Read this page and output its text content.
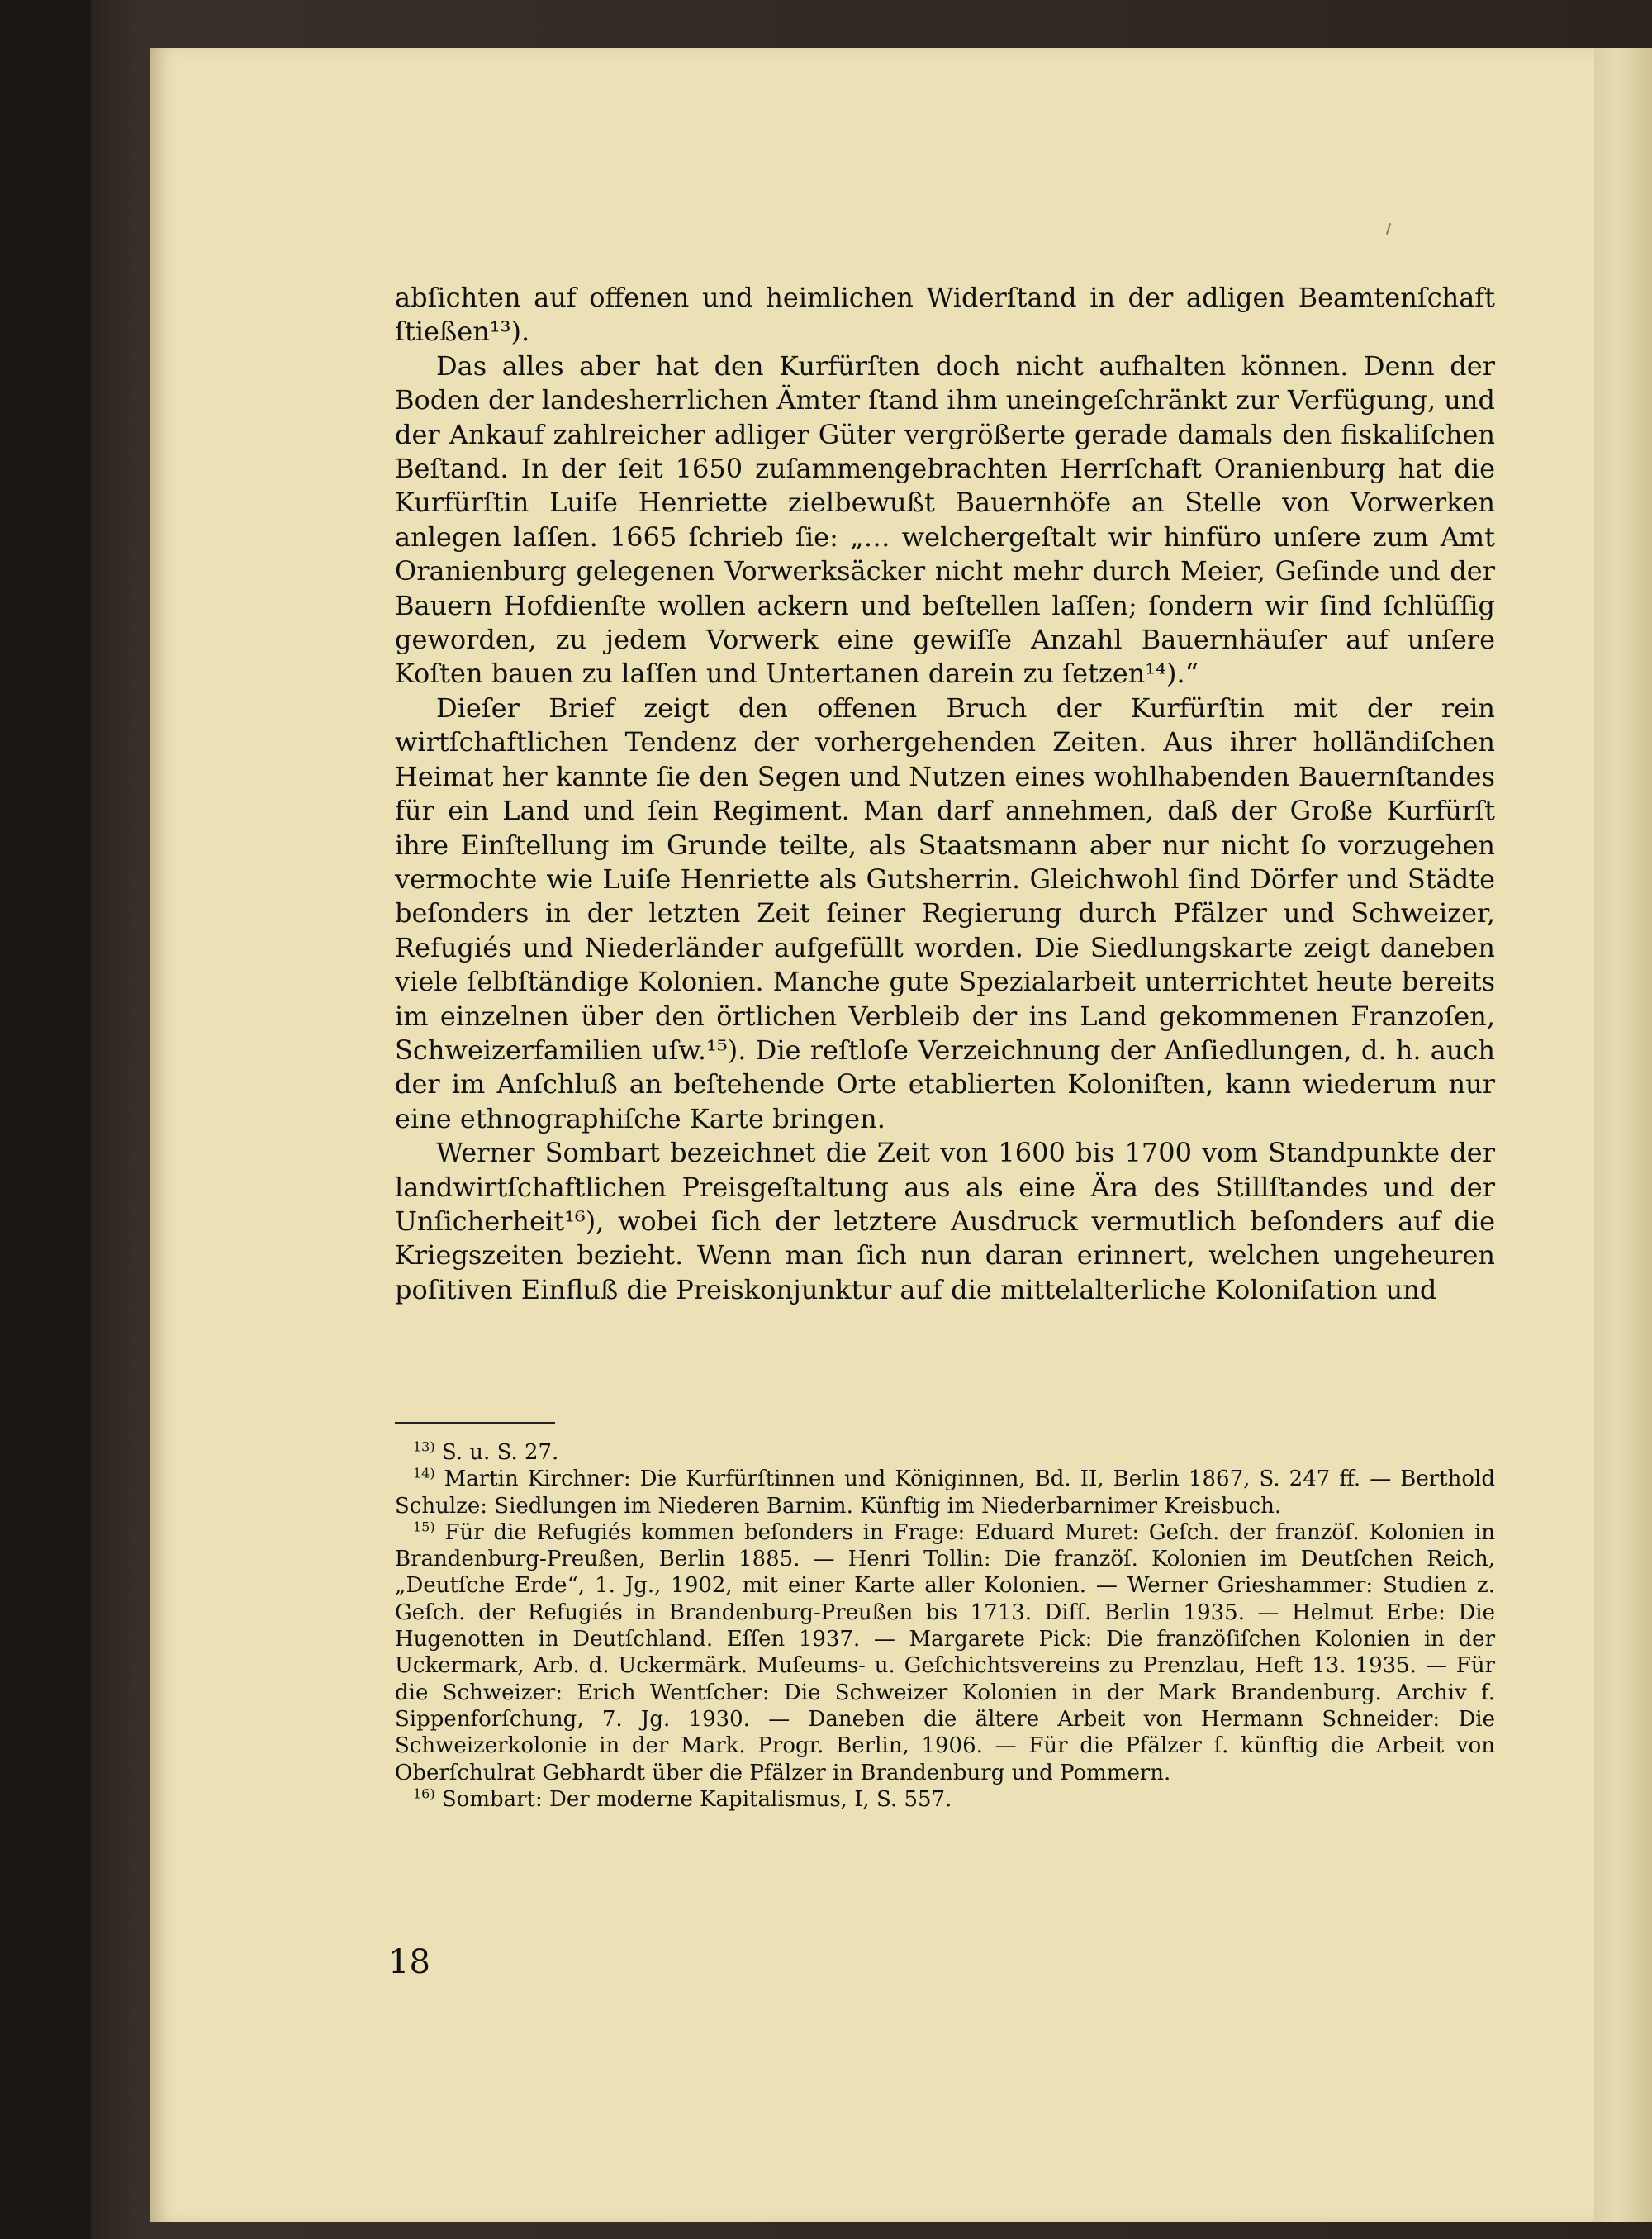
abſichten auf offenen und heimlichen Widerſtand in der adligen Beamtenſchaft ſtießen¹³).

Das alles aber hat den Kurfürſten doch nicht aufhalten können. Denn der Boden der landesherrlichen Ämter ſtand ihm uneingeſchränkt zur Verfügung, und der Ankauf zahlreicher adliger Güter vergrößerte gerade damals den fiskaliſchen Beſtand. In der ſeit 1650 zuſammengebrachten Herrſchaft Oranienburg hat die Kurfürſtin Luiſe Henriette zielbewußt Bauernhöfe an Stelle von Vorwerken anlegen laſſen. 1665 ſchrieb ſie: „… welchergeſtalt wir hinfüro unſere zum Amt Oranienburg gelegenen Vorwerksäcker nicht mehr durch Meier, Geſinde und der Bauern Hofdienſte wollen ackern und beſtellen laſſen; ſondern wir ſind ſchlüſſig geworden, zu jedem Vorwerk eine gewiſſe Anzahl Bauernhäuſer auf unſere Koſten bauen zu laſſen und Untertanen darein zu ſetzen¹⁴).“

Dieſer Brief zeigt den offenen Bruch der Kurfürſtin mit der rein wirtſchaftlichen Tendenz der vorhergehenden Zeiten. Aus ihrer holländiſchen Heimat her kannte ſie den Segen und Nutzen eines wohlhabenden Bauernſtandes für ein Land und ſein Regiment. Man darf annehmen, daß der Große Kurfürſt ihre Einſtellung im Grunde teilte, als Staatsmann aber nur nicht ſo vorzugehen vermochte wie Luiſe Henriette als Gutsherrin. Gleichwohl ſind Dörfer und Städte beſonders in der letzten Zeit ſeiner Regierung durch Pfälzer und Schweizer, Refugiés und Niederländer aufgefüllt worden. Die Siedlungskarte zeigt daneben viele ſelbſtändige Kolonien. Manche gute Spezialarbeit unterrichtet heute bereits im einzelnen über den örtlichen Verbleib der ins Land gekommenen Franzoſen, Schweizerfamilien uſw.¹⁵). Die reſtloſe Verzeichnung der Anſiedlungen, d. h. auch der im Anſchluß an beſtehende Orte etablierten Koloniſten, kann wiederum nur eine ethnographiſche Karte bringen.

Werner Sombart bezeichnet die Zeit von 1600 bis 1700 vom Standpunkte der landwirtſchaftlichen Preisgeſtaltung aus als eine Ära des Stillſtandes und der Unſicherheit¹⁶), wobei ſich der letztere Ausdruck vermutlich beſonders auf die Kriegszeiten bezieht. Wenn man ſich nun daran erinnert, welchen ungeheuren poſitiven Einfluß die Preiskonjunktur auf die mittelalterliche Koloniſation und

$^{13)}$ S. u. S. 27.

$^{14)}$ Martin Kirchner: Die Kurfürſtinnen und Königinnen, Bd. II, Berlin 1867, S. 247 ff. — Berthold Schulze: Siedlungen im Niederen Barnim. Künftig im Niederbarnimer Kreisbuch.

$^{15)}$ Für die Refugiés kommen beſonders in Frage: Eduard Muret: Geſch. der franzöſ. Kolonien in Brandenburg-Preußen, Berlin 1885. — Henri Tollin: Die franzöſ. Kolonien im Deutſchen Reich, „Deutſche Erde“, 1. Jg., 1902, mit einer Karte aller Kolonien. — Werner Grieshammer: Studien z. Geſch. der Refugiés in Brandenburg-Preußen bis 1713. Diſſ. Berlin 1935. — Helmut Erbe: Die Hugenotten in Deutſchland. Eſſen 1937. — Margarete Pick: Die franzöſiſchen Kolonien in der Uckermark, Arb. d. Uckermärk. Muſeums- u. Geſchichtsvereins zu Prenzlau, Heft 13. 1935. — Für die Schweizer: Erich Wentſcher: Die Schweizer Kolonien in der Mark Brandenburg. Archiv f. Sippenforſchung, 7. Jg. 1930. — Daneben die ältere Arbeit von Hermann Schneider: Die Schweizerkolonie in der Mark. Progr. Berlin, 1906. — Für die Pfälzer ſ. künftig die Arbeit von Oberſchulrat Gebhardt über die Pfälzer in Brandenburg und Pommern.

$^{16)}$ Sombart: Der moderne Kapitalismus, I, S. 557.

18
